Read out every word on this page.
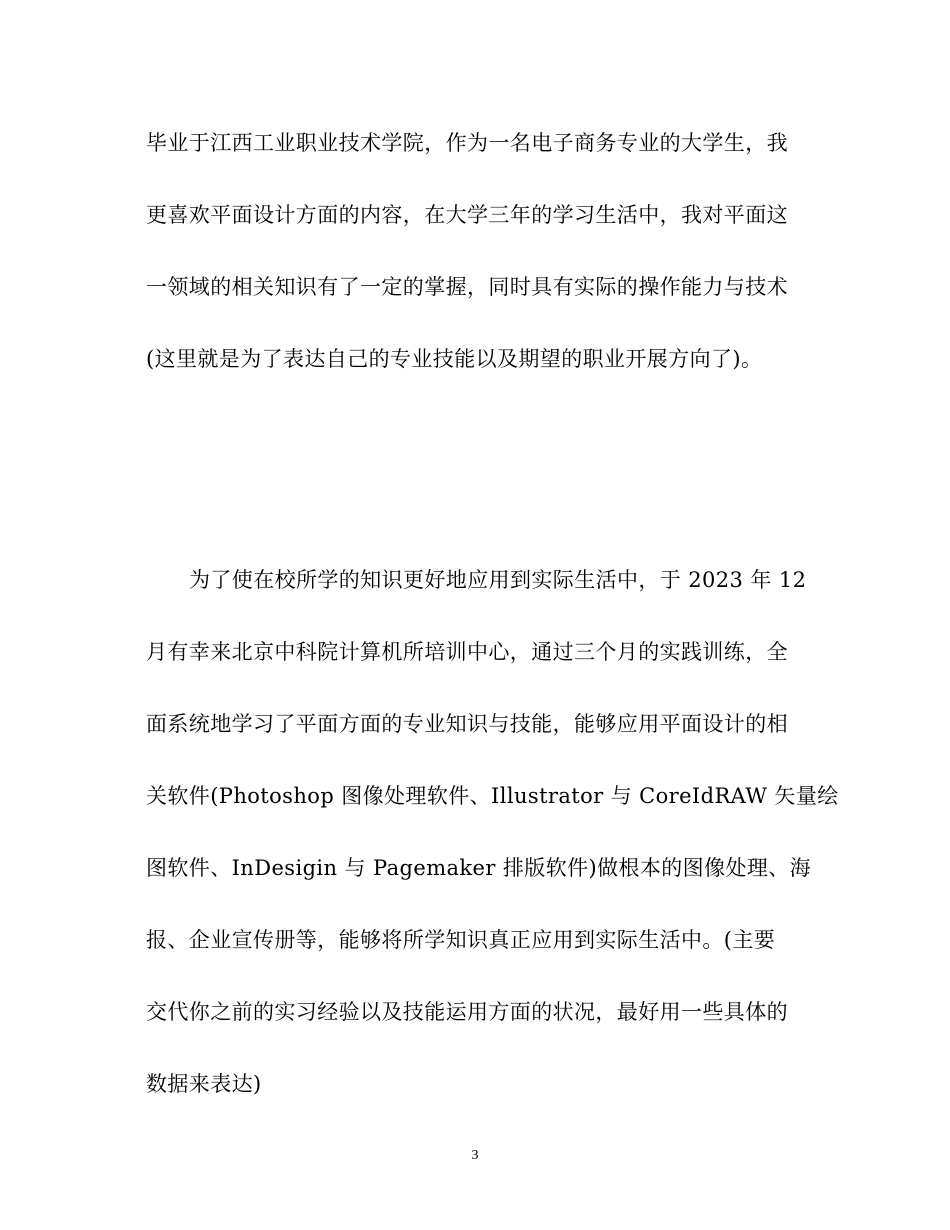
毕业于江西工业职业技术学院，作为一名电子商务专业的大学生，我
更喜欢平面设计方面的内容，在大学三年的学习生活中，我对平面这
一领域的相关知识有了一定的掌握，同时具有实际的操作能力与技术
(这里就是为了表达自己的专业技能以及期望的职业开展方向了)。
为了使在校所学的知识更好地应用到实际生活中，于 2023 年 12
月有幸来北京中科院计算机所培训中心，通过三个月的实践训练，全
面系统地学习了平面方面的专业知识与技能，能够应用平面设计的相
关软件(Photoshop 图像处理软件、Illustrator 与 CoreIdRAW 矢量绘
图软件、InDesigin 与 Pagemaker 排版软件)做根本的图像处理、海
报、企业宣传册等，能够将所学知识真正应用到实际生活中。(主要
交代你之前的实习经验以及技能运用方面的状况，最好用一些具体的
数据来表达)
3
